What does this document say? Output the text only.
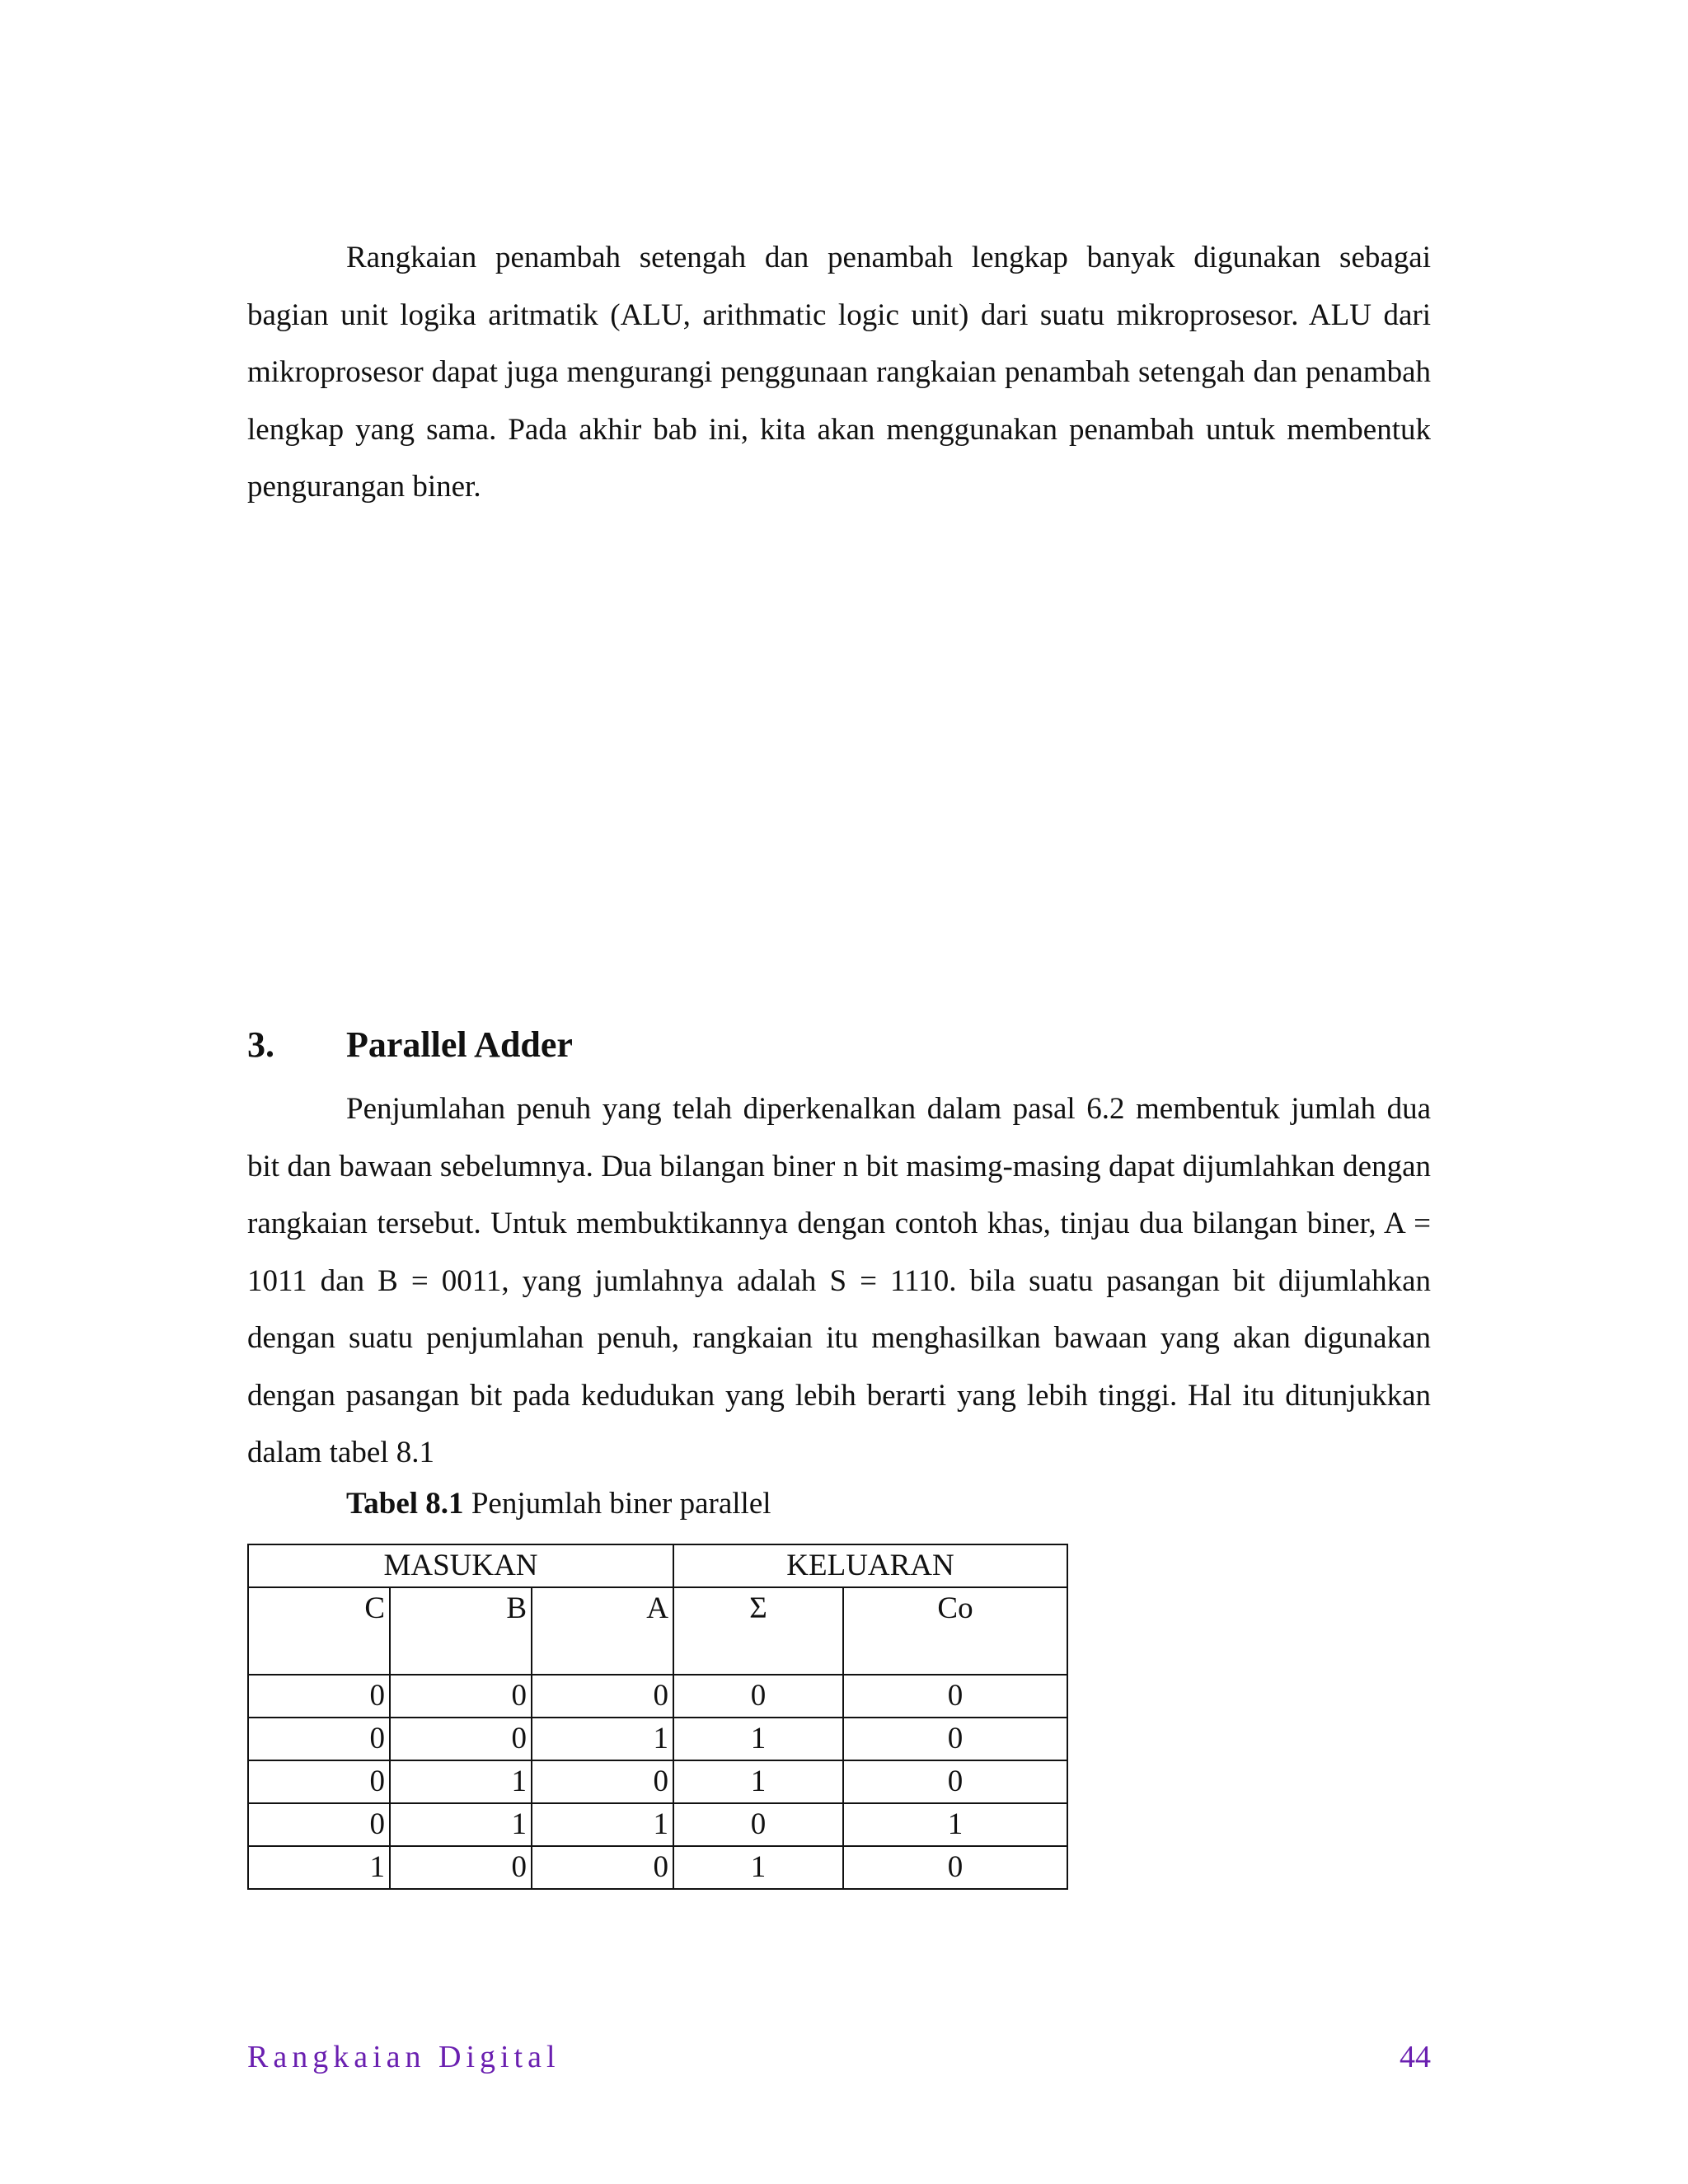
Rangkaian penambah setengah dan penambah lengkap banyak digunakan sebagai bagian unit logika aritmatik (ALU, arithmatic logic unit) dari suatu mikroprosesor. ALU dari mikroprosesor dapat juga mengurangi penggunaan rangkaian penambah setengah dan penambah lengkap yang sama. Pada akhir bab ini, kita akan menggunakan penambah untuk membentuk pengurangan biner.

3. Parallel Adder

Penjumlahan penuh yang telah diperkenalkan dalam pasal 6.2 membentuk jumlah dua bit dan bawaan sebelumnya. Dua bilangan biner n bit masimg-masing dapat dijumlahkan dengan rangkaian tersebut. Untuk membuktikannya dengan contoh khas, tinjau dua bilangan biner, A = 1011 dan B = 0011, yang jumlahnya adalah S = 1110. bila suatu pasangan bit dijumlahkan dengan suatu penjumlahan penuh, rangkaian itu menghasilkan bawaan yang akan digunakan dengan pasangan bit pada kedudukan yang lebih berarti yang lebih tinggi. Hal itu ditunjukkan dalam tabel 8.1

Tabel 8.1 Penjumlah biner parallel

MASUKAN			KELUARAN	
C	B	A	Σ	Co
0	0	0	0	0
0	0	1	1	0
0	1	0	1	0
0	1	1	0	1
1	0	0	1	0

Rangkaian Digital	44
